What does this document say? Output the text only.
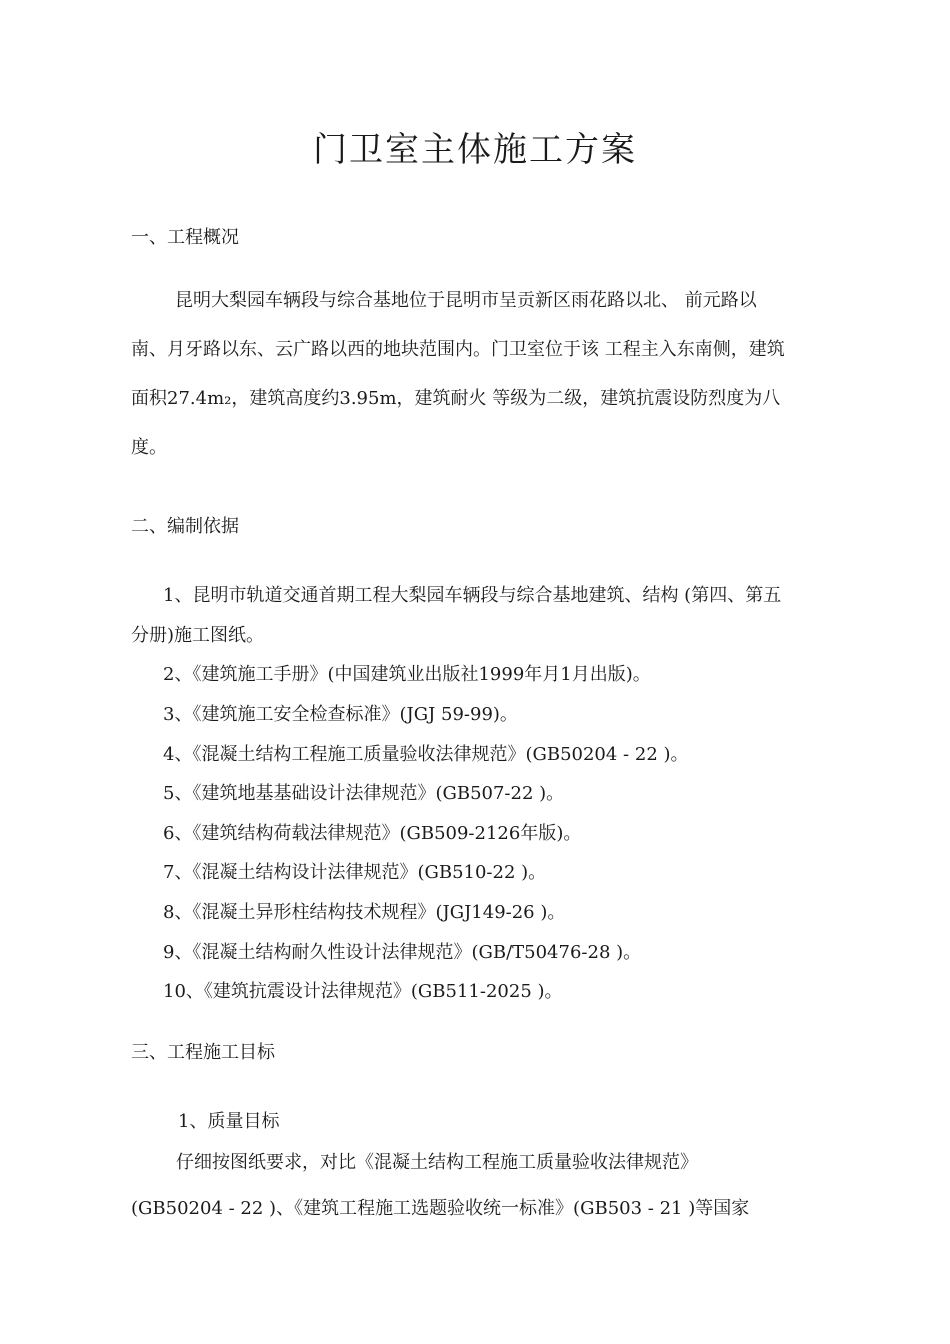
门卫室主体施工方案
一、工程概况
昆明大梨园车辆段与综合基地位于昆明市呈贡新区雨花路以北、 前元路以
南、月牙路以东、云广路以西的地块范围内。门卫室位于该 工程主入东南侧，建筑
面积27.4m₂，建筑高度约3.95m，建筑耐火 等级为二级，建筑抗震设防烈度为八
度。
二、编制依据

1、昆明市轨道交通首期工程大梨园车辆段与综合基地建筑、结构 (第四、第五

分册)施工图纸。

2、《建筑施工手册》(中国建筑业出版社1999年月1月出版)。

3、《建筑施工安全检查标准》(JGJ 59-99)。

4、《混凝土结构工程施工质量验收法律规范》(GB50204 - 22 )。

5、《建筑地基基础设计法律规范》(GB507-22 )。

6、《建筑结构荷载法律规范》(GB509-2126年版)。

7、《混凝土结构设计法律规范》(GB510-22 )。

8、《混凝土异形柱结构技术规程》(JGJ149-26 )。

9、《混凝土结构耐久性设计法律规范》(GB/T50476-28 )。

10、《建筑抗震设计法律规范》(GB511-2025 )。

三、工程施工目标

1、质量目标

仔细按图纸要求，对比《混凝土结构工程施工质量验收法律规范》

(GB50204 - 22 )、《建筑工程施工选题验收统一标准》(GB503 - 21 )等国家
